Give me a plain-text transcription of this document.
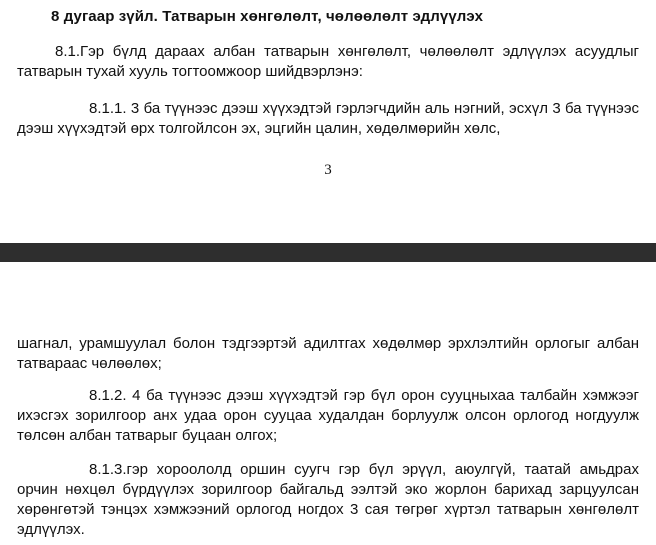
8 дугаар зүйл. Татварын хөнгөлөлт, чөлөөлөлт эдлүүлэх

8.1.Гэр бүлд дараах албан татварын хөнгөлөлт, чөлөөлөлт эдлүүлэх асуудлыг татварын тухай хууль тогтоомжоор шийдвэрлэнэ:

8.1.1. 3 ба түүнээс дээш хүүхэдтэй гэрлэгчдийн аль нэгний, эсхүл 3 ба түүнээс дээш хүүхэдтэй өрх толгойлсон эх, эцгийн цалин, хөдөлмөрийн хөлс,

3

шагнал, урамшуулал болон тэдгээртэй адилтгах хөдөлмөр эрхлэлтийн орлогыг албан татвараас чөлөөлөх;

8.1.2. 4 ба түүнээс дээш хүүхэдтэй гэр бүл орон сууцныхаа талбайн хэмжээг ихэсгэх зорилгоор анх удаа орон сууцаа худалдан борлуулж олсон орлогод ногдуулж төлсөн албан татварыг буцаан олгох;

8.1.3.гэр хороололд оршин суугч гэр бүл эрүүл, аюулгүй, таатай амьдрах орчин нөхцөл бүрдүүлэх зорилгоор байгальд ээлтэй эко жорлон барихад зарцуулсан хөрөнгөтэй тэнцэх хэмжээний орлогод ногдох 3 сая төгрөг хүртэл татварын хөнгөлөлт эдлүүлэх.
